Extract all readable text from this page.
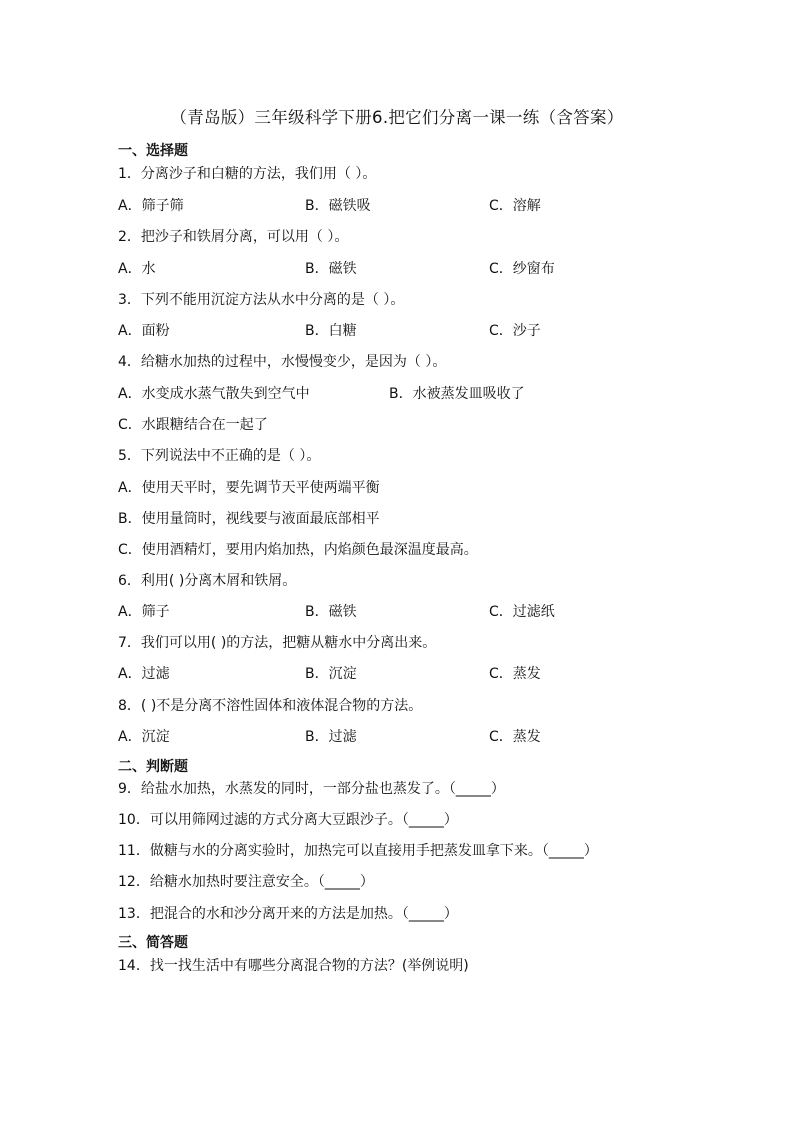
（青岛版）三年级科学下册6.把它们分离一课一练（含答案）
一、选择题
1．分离沙子和白糖的方法，我们用（ ）。
A．筛子筛	B．磁铁吸	C．溶解
2．把沙子和铁屑分离，可以用（ ）。
A．水	B．磁铁	C．纱窗布
3．下列不能用沉淀方法从水中分离的是（ ）。
A．面粉	B．白糖	C．沙子
4．给糖水加热的过程中，水慢慢变少，是因为（ ）。
A．水变成水蒸气散失到空气中	B．水被蒸发皿吸收了
C．水跟糖结合在一起了
5．下列说法中不正确的是（ ）。
A．使用天平时，要先调节天平使两端平衡
B．使用量筒时，视线要与液面最底部相平
C．使用酒精灯，要用内焰加热，内焰颜色最深温度最高。
6．利用( )分离木屑和铁屑。
A．筛子	B．磁铁	C．过滤纸
7．我们可以用( )的方法，把糖从糖水中分离出来。
A．过滤	B．沉淀	C．蒸发
8．( )不是分离不溶性固体和液体混合物的方法。
A．沉淀	B．过滤	C．蒸发
二、判断题
9．给盐水加热，水蒸发的同时，一部分盐也蒸发了。（_____）
10．可以用筛网过滤的方式分离大豆跟沙子。（_____）
11．做糖与水的分离实验时，加热完可以直接用手把蒸发皿拿下来。（_____）
12．给糖水加热时要注意安全。（_____）
13．把混合的水和沙分离开来的方法是加热。（_____）
三、简答题
14．找一找生活中有哪些分离混合物的方法？(举例说明)
